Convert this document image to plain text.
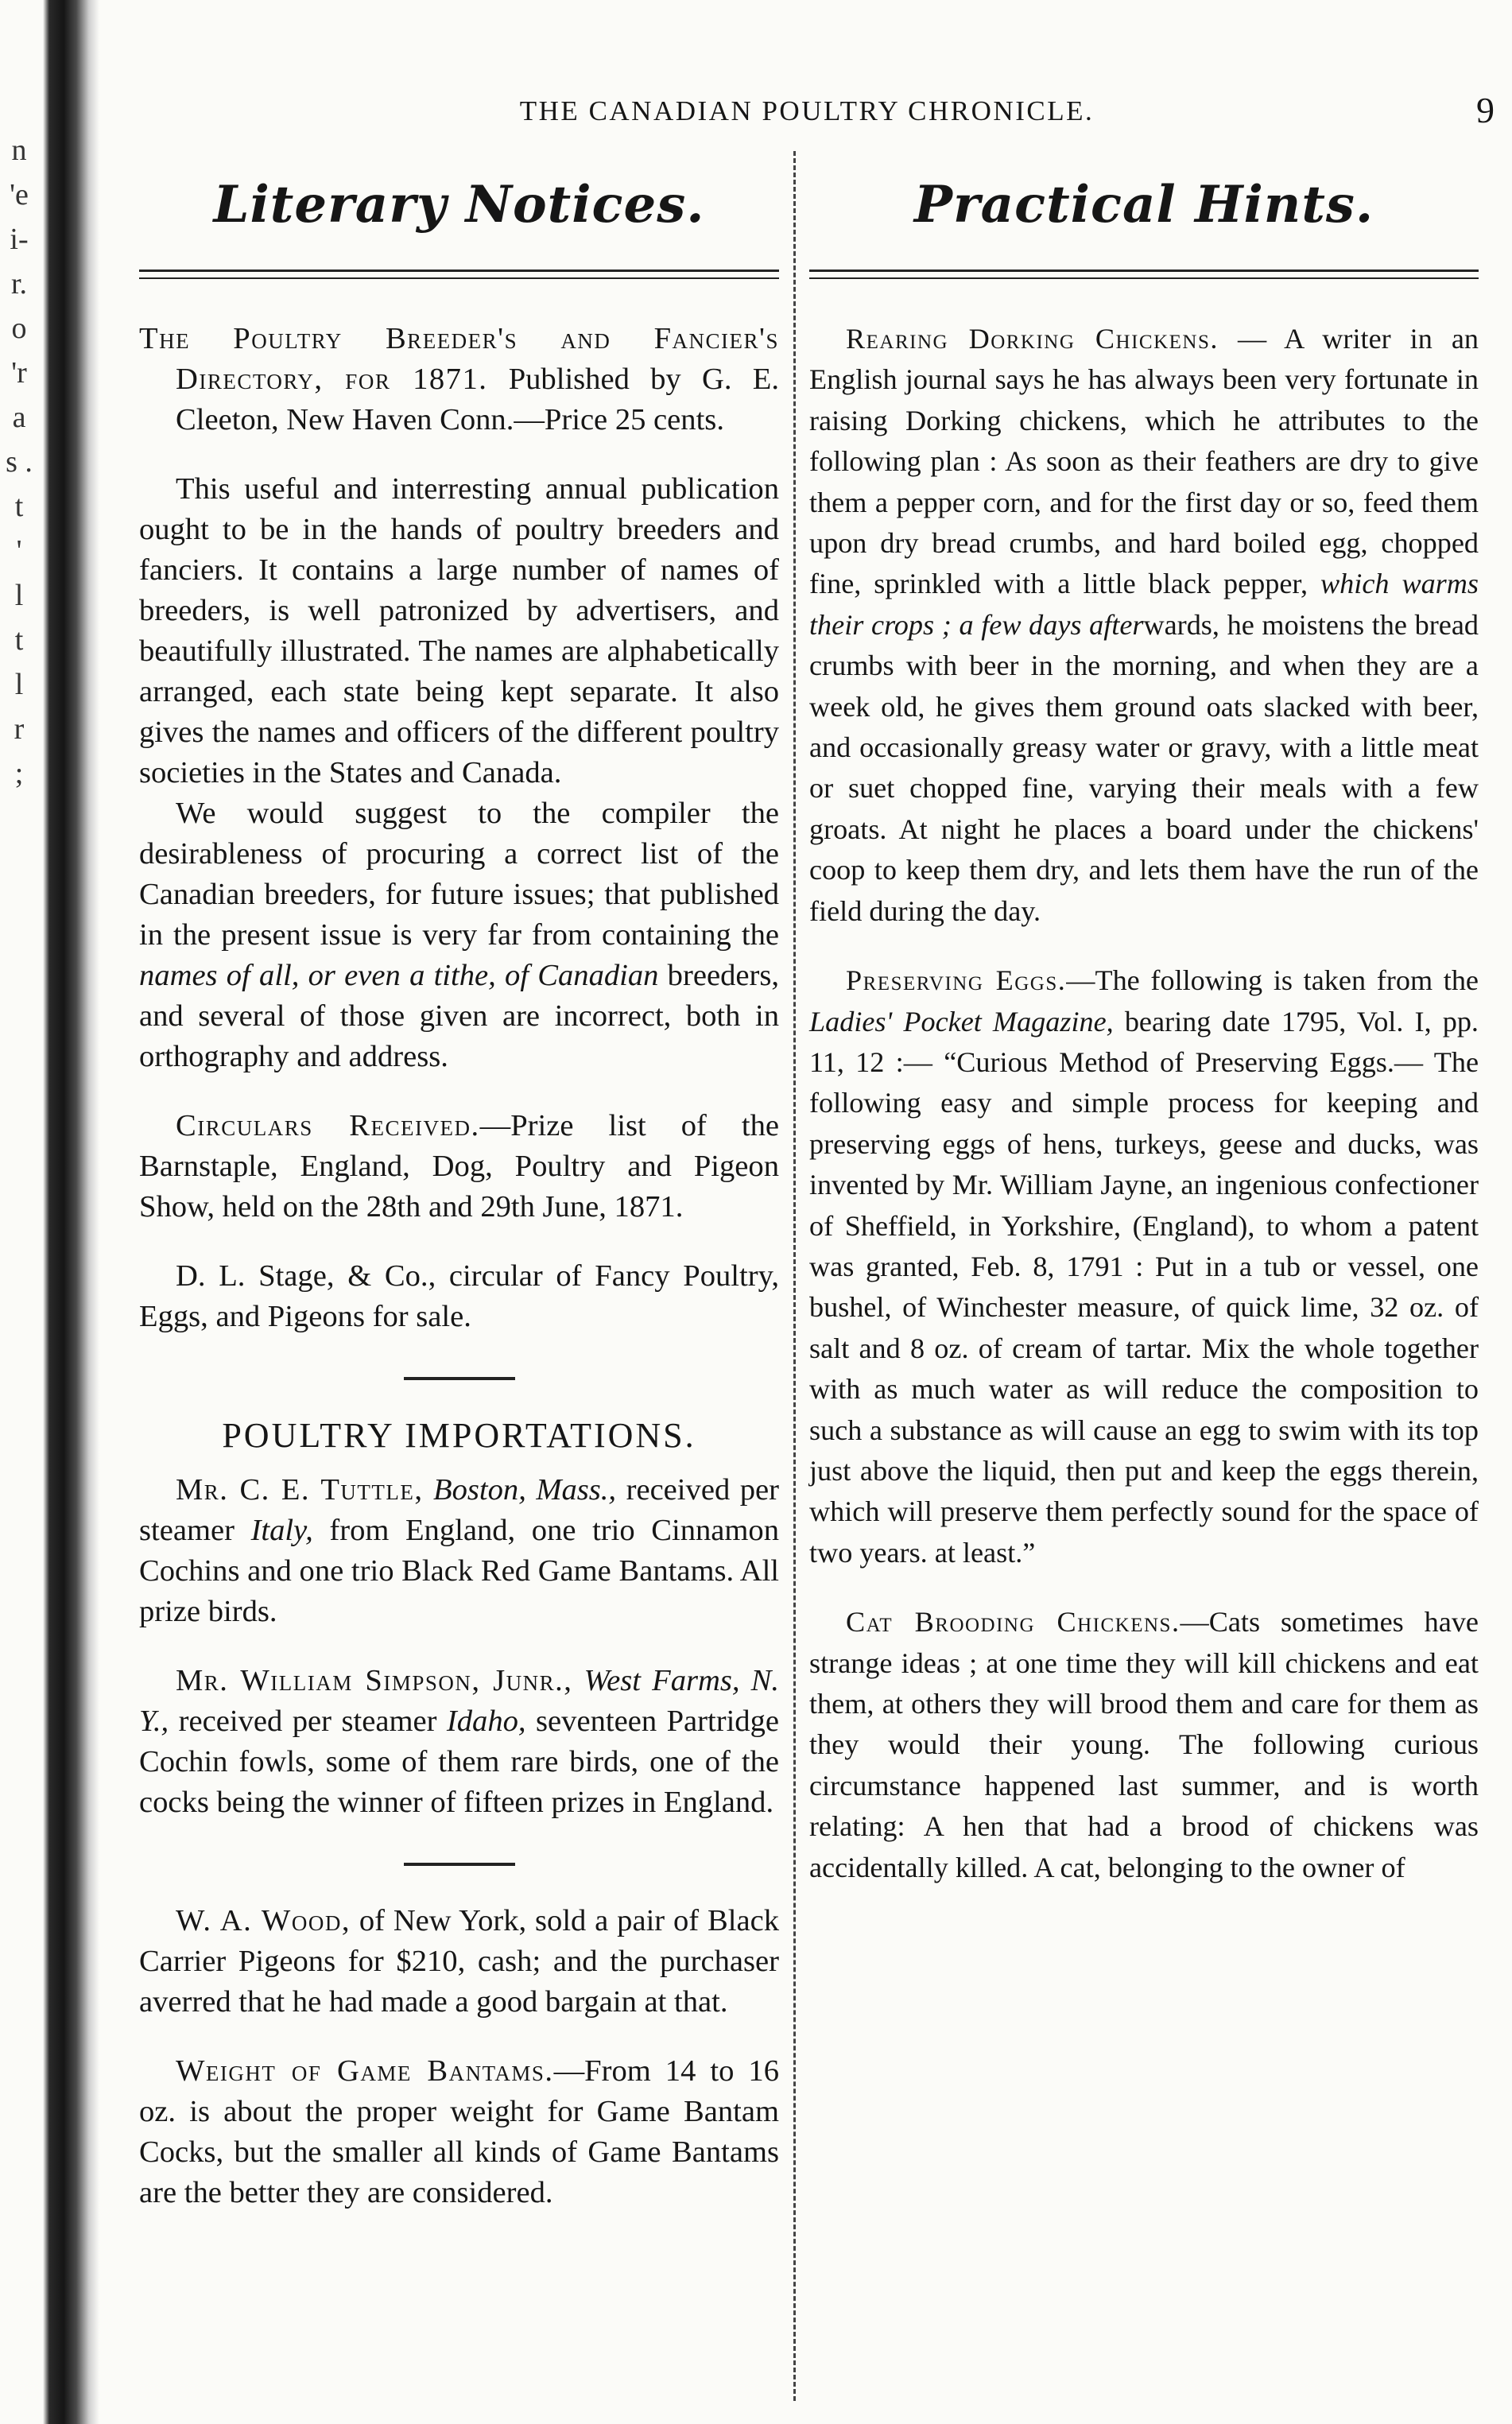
n
'e
i-
r.
o
'r
a
s .
t
'
l
t
l
r
;
THE CANADIAN POULTRY CHRONICLE.	9
Literary Notices.

The Poultry Breeder's and Fancier's Directory, for 1871. Published by G. E. Cleeton, New Haven Conn.—Price 25 cents.

This useful and interresting annual publication ought to be in the hands of poultry breeders and fanciers. It contains a large number of names of breeders, is well patronized by advertisers, and beautifully illustrated. The names are alphabetically arranged, each state being kept separate. It also gives the names and officers of the different poultry societies in the States and Canada.

We would suggest to the compiler the desirableness of procuring a correct list of the Canadian breeders, for future issues; that published in the present issue is very far from containing the names of all, or even a tithe, of Canadian breeders, and several of those given are incorrect, both in orthography and address.

Circulars Received.—Prize list of the Barnstaple, England, Dog, Poultry and Pigeon Show, held on the 28th and 29th June, 1871.

D. L. Stage, & Co., circular of Fancy Poultry, Eggs, and Pigeons for sale.

POULTRY IMPORTATIONS.

Mr. C. E. Tuttle, Boston, Mass., received per steamer Italy, from England, one trio Cinnamon Cochins and one trio Black Red Game Bantams. All prize birds.

Mr. William Simpson, Junr., West Farms, N. Y., received per steamer Idaho, seventeen Partridge Cochin fowls, some of them rare birds, one of the cocks being the winner of fifteen prizes in England.

W. A. Wood, of New York, sold a pair of Black Carrier Pigeons for $210, cash; and the purchaser averred that he had made a good bargain at that.

Weight of Game Bantams.—From 14 to 16 oz. is about the proper weight for Game Bantam Cocks, but the smaller all kinds of Game Bantams are the better they are considered.

Practical Hints.

Rearing Dorking Chickens. — A writer in an English journal says he has always been very fortunate in raising Dorking chickens, which he attributes to the following plan : As soon as their feathers are dry to give them a pepper corn, and for the first day or so, feed them upon dry bread crumbs, and hard boiled egg, chopped fine, sprinkled with a little black pepper, which warms their crops ; a few days afterwards, he moistens the bread crumbs with beer in the morning, and when they are a week old, he gives them ground oats slacked with beer, and occasionally greasy water or gravy, with a little meat or suet chopped fine, varying their meals with a few groats. At night he places a board under the chickens' coop to keep them dry, and lets them have the run of the field during the day.

Preserving Eggs.—The following is taken from the Ladies' Pocket Magazine, bearing date 1795, Vol. I, pp. 11, 12 :— “Curious Method of Preserving Eggs.— The following easy and simple process for keeping and preserving eggs of hens, turkeys, geese and ducks, was invented by Mr. William Jayne, an ingenious confectioner of Sheffield, in Yorkshire, (England), to whom a patent was granted, Feb. 8, 1791 : Put in a tub or vessel, one bushel, of Winchester measure, of quick lime, 32 oz. of salt and 8 oz. of cream of tartar. Mix the whole together with as much water as will reduce the composition to such a substance as will cause an egg to swim with its top just above the liquid, then put and keep the eggs therein, which will preserve them perfectly sound for the space of two years. at least.”

Cat Brooding Chickens.—Cats sometimes have strange ideas ; at one time they will kill chickens and eat them, at others they will brood them and care for them as they would their young. The following curious circumstance happened last summer, and is worth relating: A hen that had a brood of chickens was accidentally killed. A cat, belonging to the owner of
